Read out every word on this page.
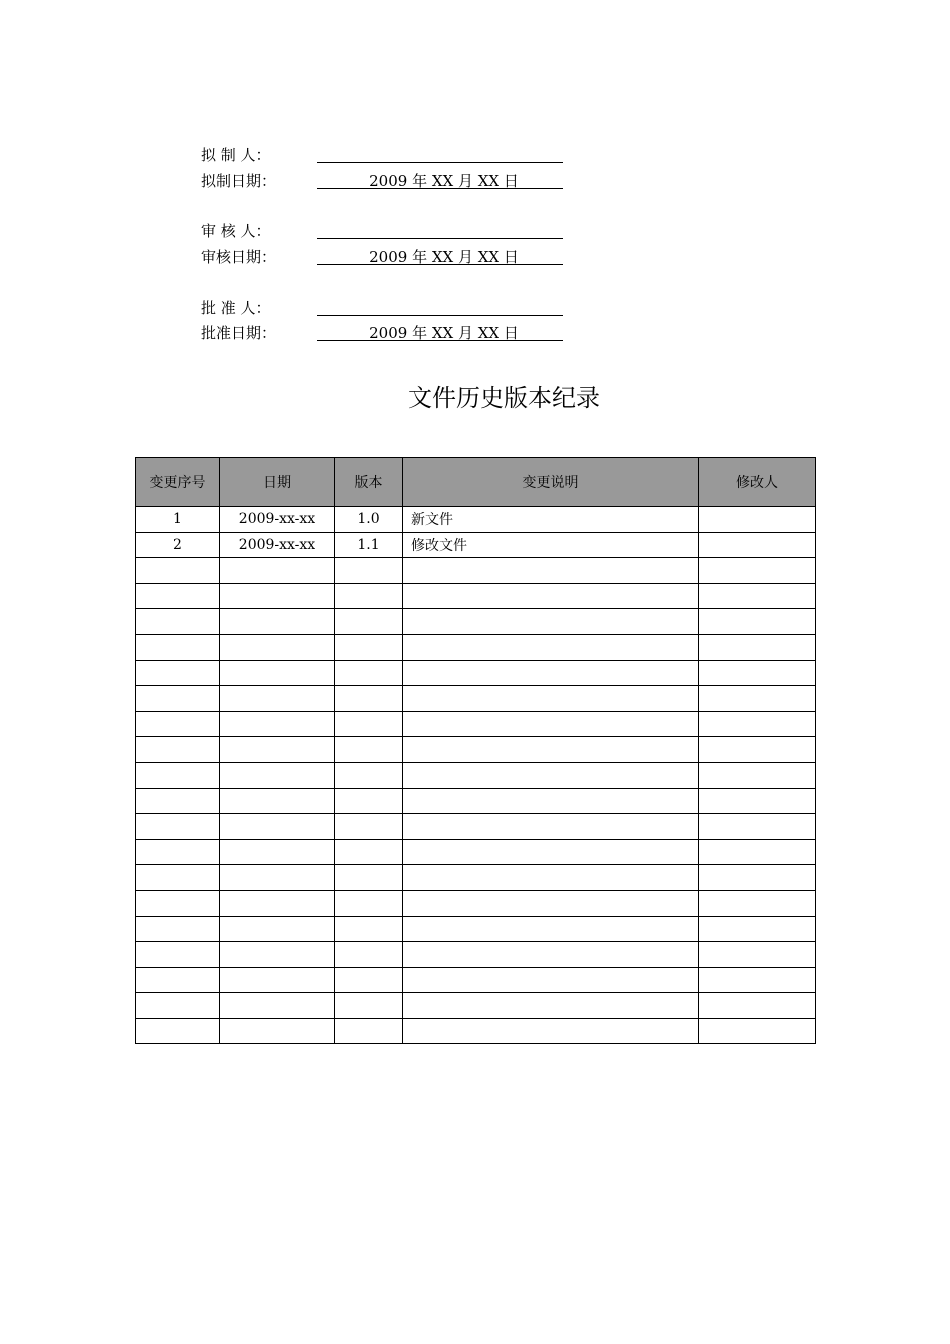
拟 制 人：
拟制日期：	2009 年 XX 月 XX 日
审 核 人：
审核日期：	2009 年 XX 月 XX 日
批 准 人：
批准日期：	2009 年 XX 月 XX 日
文件历史版本纪录
变更序号	日期	版本	变更说明	修改人
1	2009-xx-xx	1.0	新文件	
2	2009-xx-xx	1.1	修改文件	
